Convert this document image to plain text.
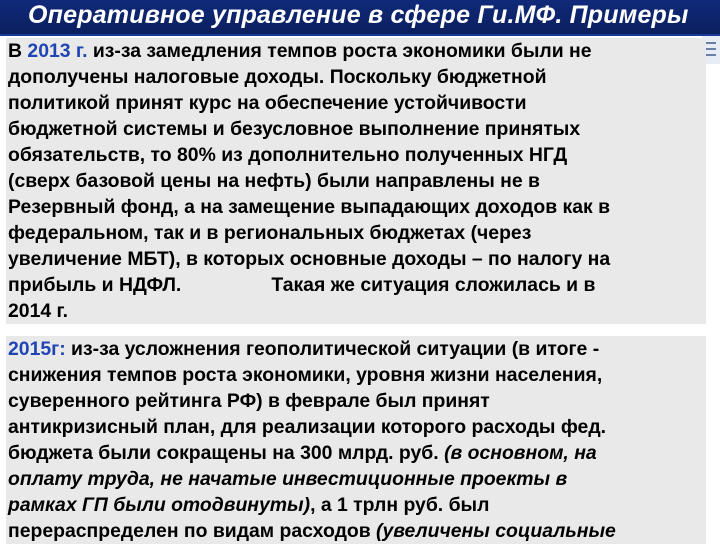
Оперативное управление в сфере Ги.МФ. Примеры
В 2013 г. из-за замедления темпов роста экономики были не
дополучены налоговые доходы. Поскольку бюджетной
политикой принят курс на обеспечение устойчивости
бюджетной системы и безусловное выполнение принятых
обязательств, то 80% из дополнительно полученных НГД
(сверх базовой цены на нефть) были направлены не в
Резервный фонд, а на замещение выпадающих доходов как в
федеральном, так и в региональных бюджетах (через
увеличение МБТ), в которых основные доходы – по налогу на
прибыль и НДФЛ.	Такая же ситуация сложилась и в
2014 г.
2015г: из-за усложнения геополитической ситуации (в итоге -
снижения темпов роста экономики, уровня жизни населения,
суверенного рейтинга РФ) в феврале был принят
антикризисный план, для реализации которого расходы фед.
бюджета были сокращены на 300 млрд. руб. (в основном, на
оплату труда, не начатые инвестиционные проекты в
рамках ГП были отодвинуты), а 1 трлн руб. был
перераспределен по видам расходов (увеличены социальные
